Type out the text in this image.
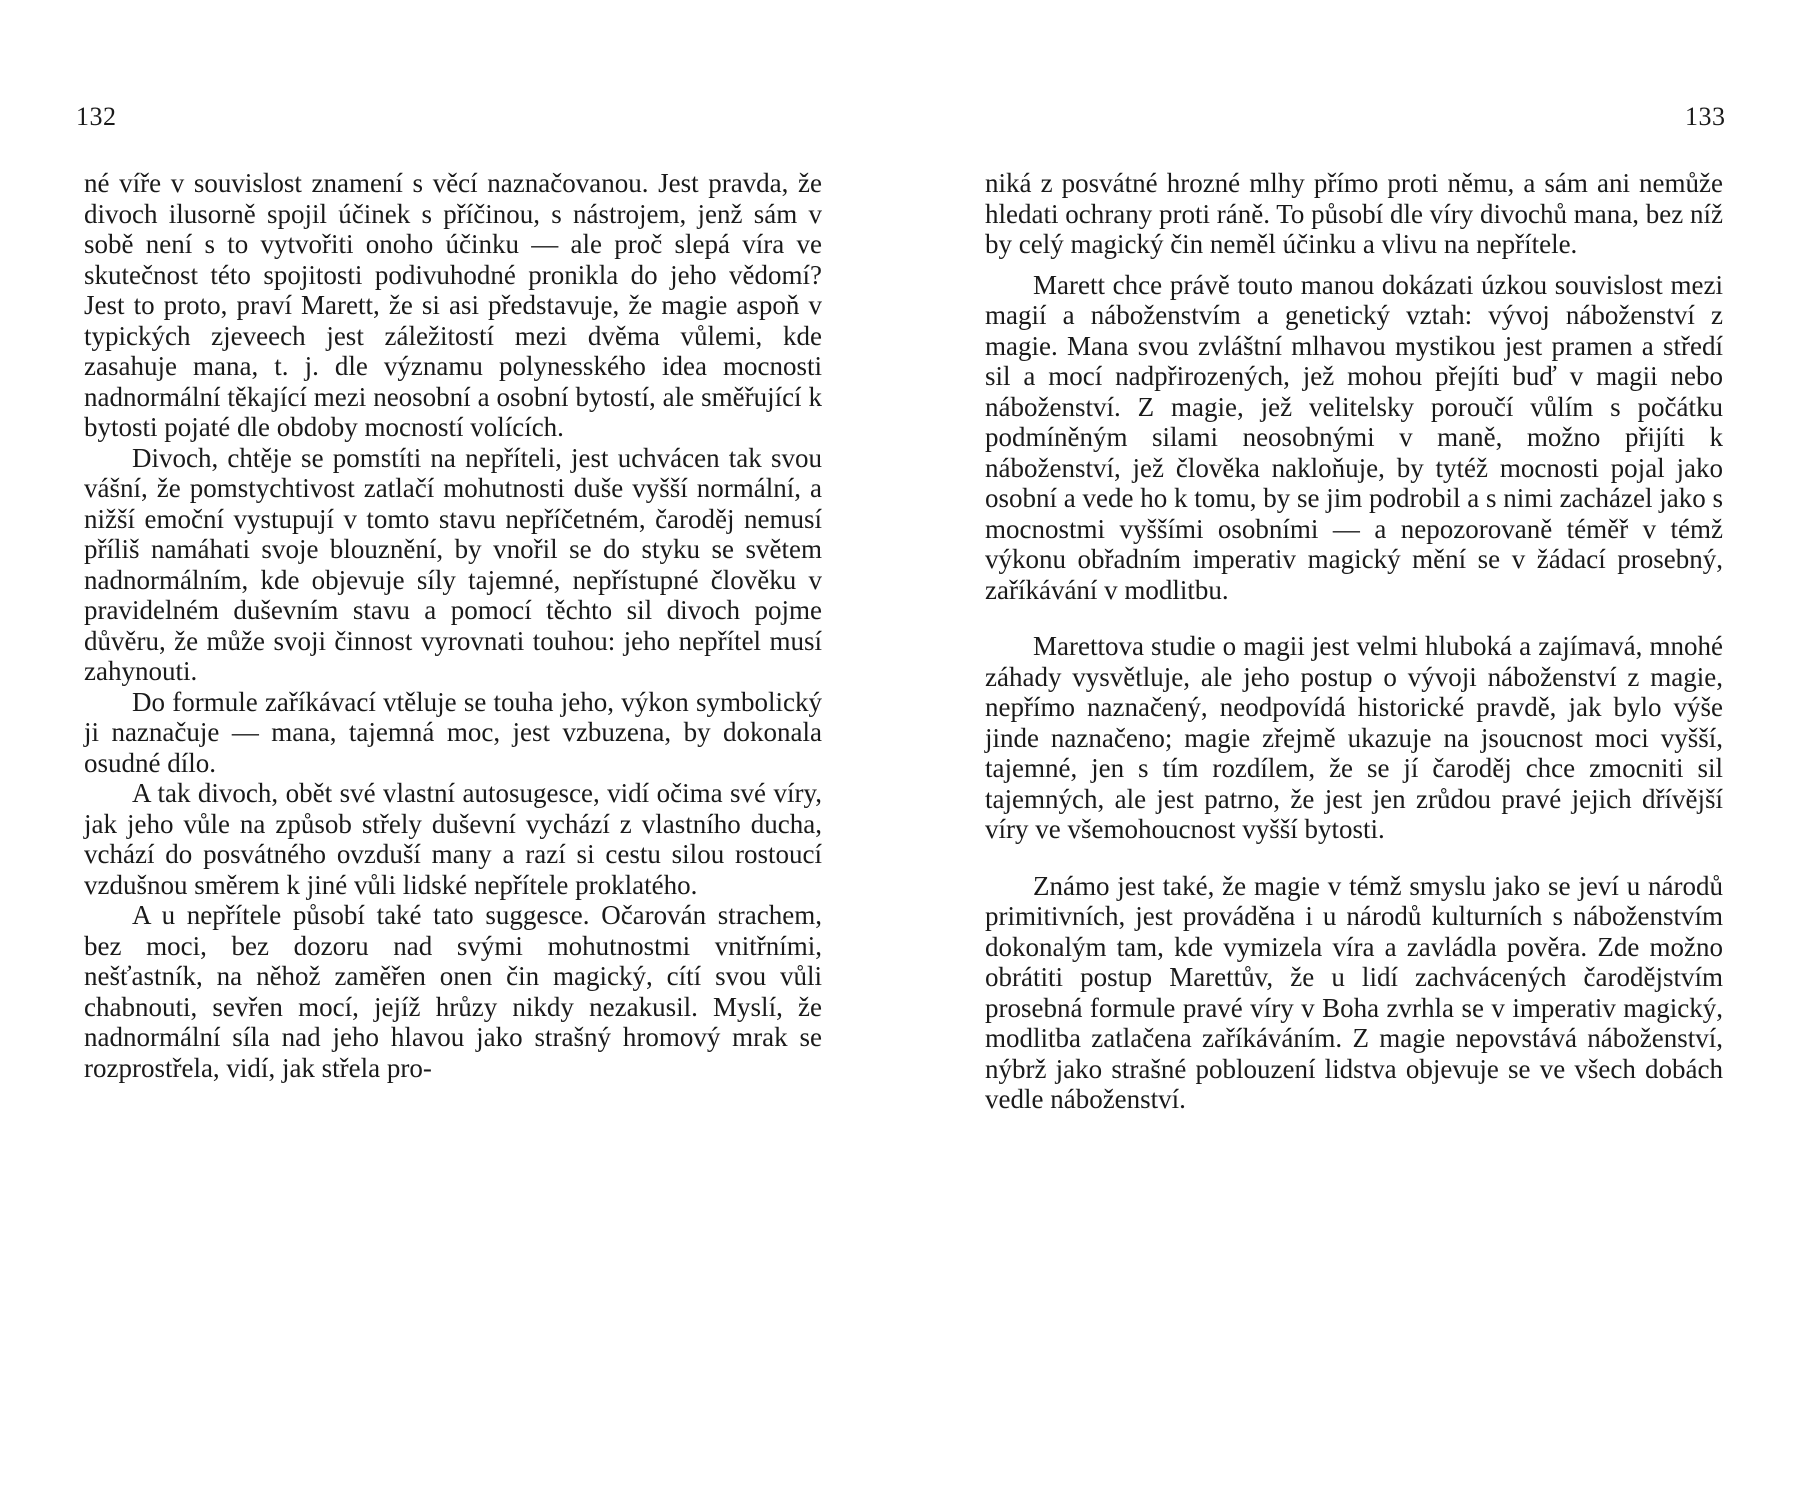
132

né víře v souvislost znamení s věcí naznačovanou. Jest pravda, že divoch ilusorně spojil účinek s příčinou, s nástrojem, jenž sám v sobě není s to vytvořiti onoho účinku — ale proč slepá víra ve skutečnost této spojitosti podivuhodné pronikla do jeho vědomí? Jest to proto, praví Marett, že si asi představuje, že magie aspoň v typických zjeveech jest záležitostí mezi dvěma vůlemi, kde zasahuje mana, t. j. dle významu polynesského idea mocnosti nadnormální těkající mezi neosobní a osobní bytostí, ale směřující k bytosti pojaté dle obdoby mocností volících.

Divoch, chtěje se pomstíti na nepříteli, jest uchvácen tak svou vášní, že pomstychtivost zatlačí mohutnosti duše vyšší normální, a nižší emoční vystupují v tomto stavu nepříčetném, čaroděj nemusí příliš namáhati svoje blouznění, by vnořil se do styku se světem nadnormálním, kde objevuje síly tajemné, nepřístupné člověku v pravidelném duševním stavu a pomocí těchto sil divoch pojme důvěru, že může svoji činnost vyrovnati touhou: jeho nepřítel musí zahynouti.

Do formule zaříkávací vtěluje se touha jeho, výkon symbolický ji naznačuje — mana, tajemná moc, jest vzbuzena, by dokonala osudné dílo.

A tak divoch, obět své vlastní autosugesce, vidí očima své víry, jak jeho vůle na způsob střely duševní vychází z vlastního ducha, vchází do posvátného ovzduší many a razí si cestu silou rostoucí vzdušnou směrem k jiné vůli lidské nepřítele proklatého.

A u nepřítele působí také tato suggesce. Očarován strachem, bez moci, bez dozoru nad svými mohutnostmi vnitřními, nešťastník, na něhož zaměřen onen čin magický, cítí svou vůli chabnouti, sevřen mocí, jejíž hrůzy nikdy nezakusil. Myslí, že nadnormální síla nad jeho hlavou jako strašný hromový mrak se rozprostřela, vidí, jak střela pro-

133

niká z posvátné hrozné mlhy přímo proti němu, a sám ani nemůže hledati ochrany proti ráně. To působí dle víry divochů mana, bez níž by celý magický čin neměl účinku a vlivu na nepřítele.

Marett chce právě touto manou dokázati úzkou souvislost mezi magií a náboženstvím a genetický vztah: vývoj náboženství z magie. Mana svou zvláštní mlhavou mystikou jest pramen a středí sil a mocí nadpřirozených, jež mohou přejíti buď v magii nebo náboženství. Z magie, jež velitelsky poroučí vůlím s počátku podmíněným silami neosobnými v maně, možno přijíti k náboženství, jež člověka nakloňuje, by tytéž mocnosti pojal jako osobní a vede ho k tomu, by se jim podrobil a s nimi zacházel jako s mocnostmi vyššími osobními — a nepozorovaně téměř v témž výkonu obřadním imperativ magický mění se v žádací prosebný, zaříkávání v modlitbu.

Marettova studie o magii jest velmi hluboká a zajímavá, mnohé záhady vysvětluje, ale jeho postup o vývoji náboženství z magie, nepřímo naznačený, neodpovídá historické pravdě, jak bylo výše jinde naznačeno; magie zřejmě ukazuje na jsoucnost moci vyšší, tajemné, jen s tím rozdílem, že se jí čaroděj chce zmocniti sil tajemných, ale jest patrno, že jest jen zrůdou pravé jejich dřívější víry ve všemohoucnost vyšší bytosti.

Známo jest také, že magie v témž smyslu jako se jeví u národů primitivních, jest prováděna i u národů kulturních s náboženstvím dokonalým tam, kde vymizela víra a zavládla pověra. Zde možno obrátiti postup Marettův, že u lidí zachvácených čarodějstvím prosebná formule pravé víry v Boha zvrhla se v imperativ magický, modlitba zatlačena zaříkáváním. Z magie nepovstává náboženství, nýbrž jako strašné poblouzení lidstva objevuje se ve všech dobách vedle náboženství.
